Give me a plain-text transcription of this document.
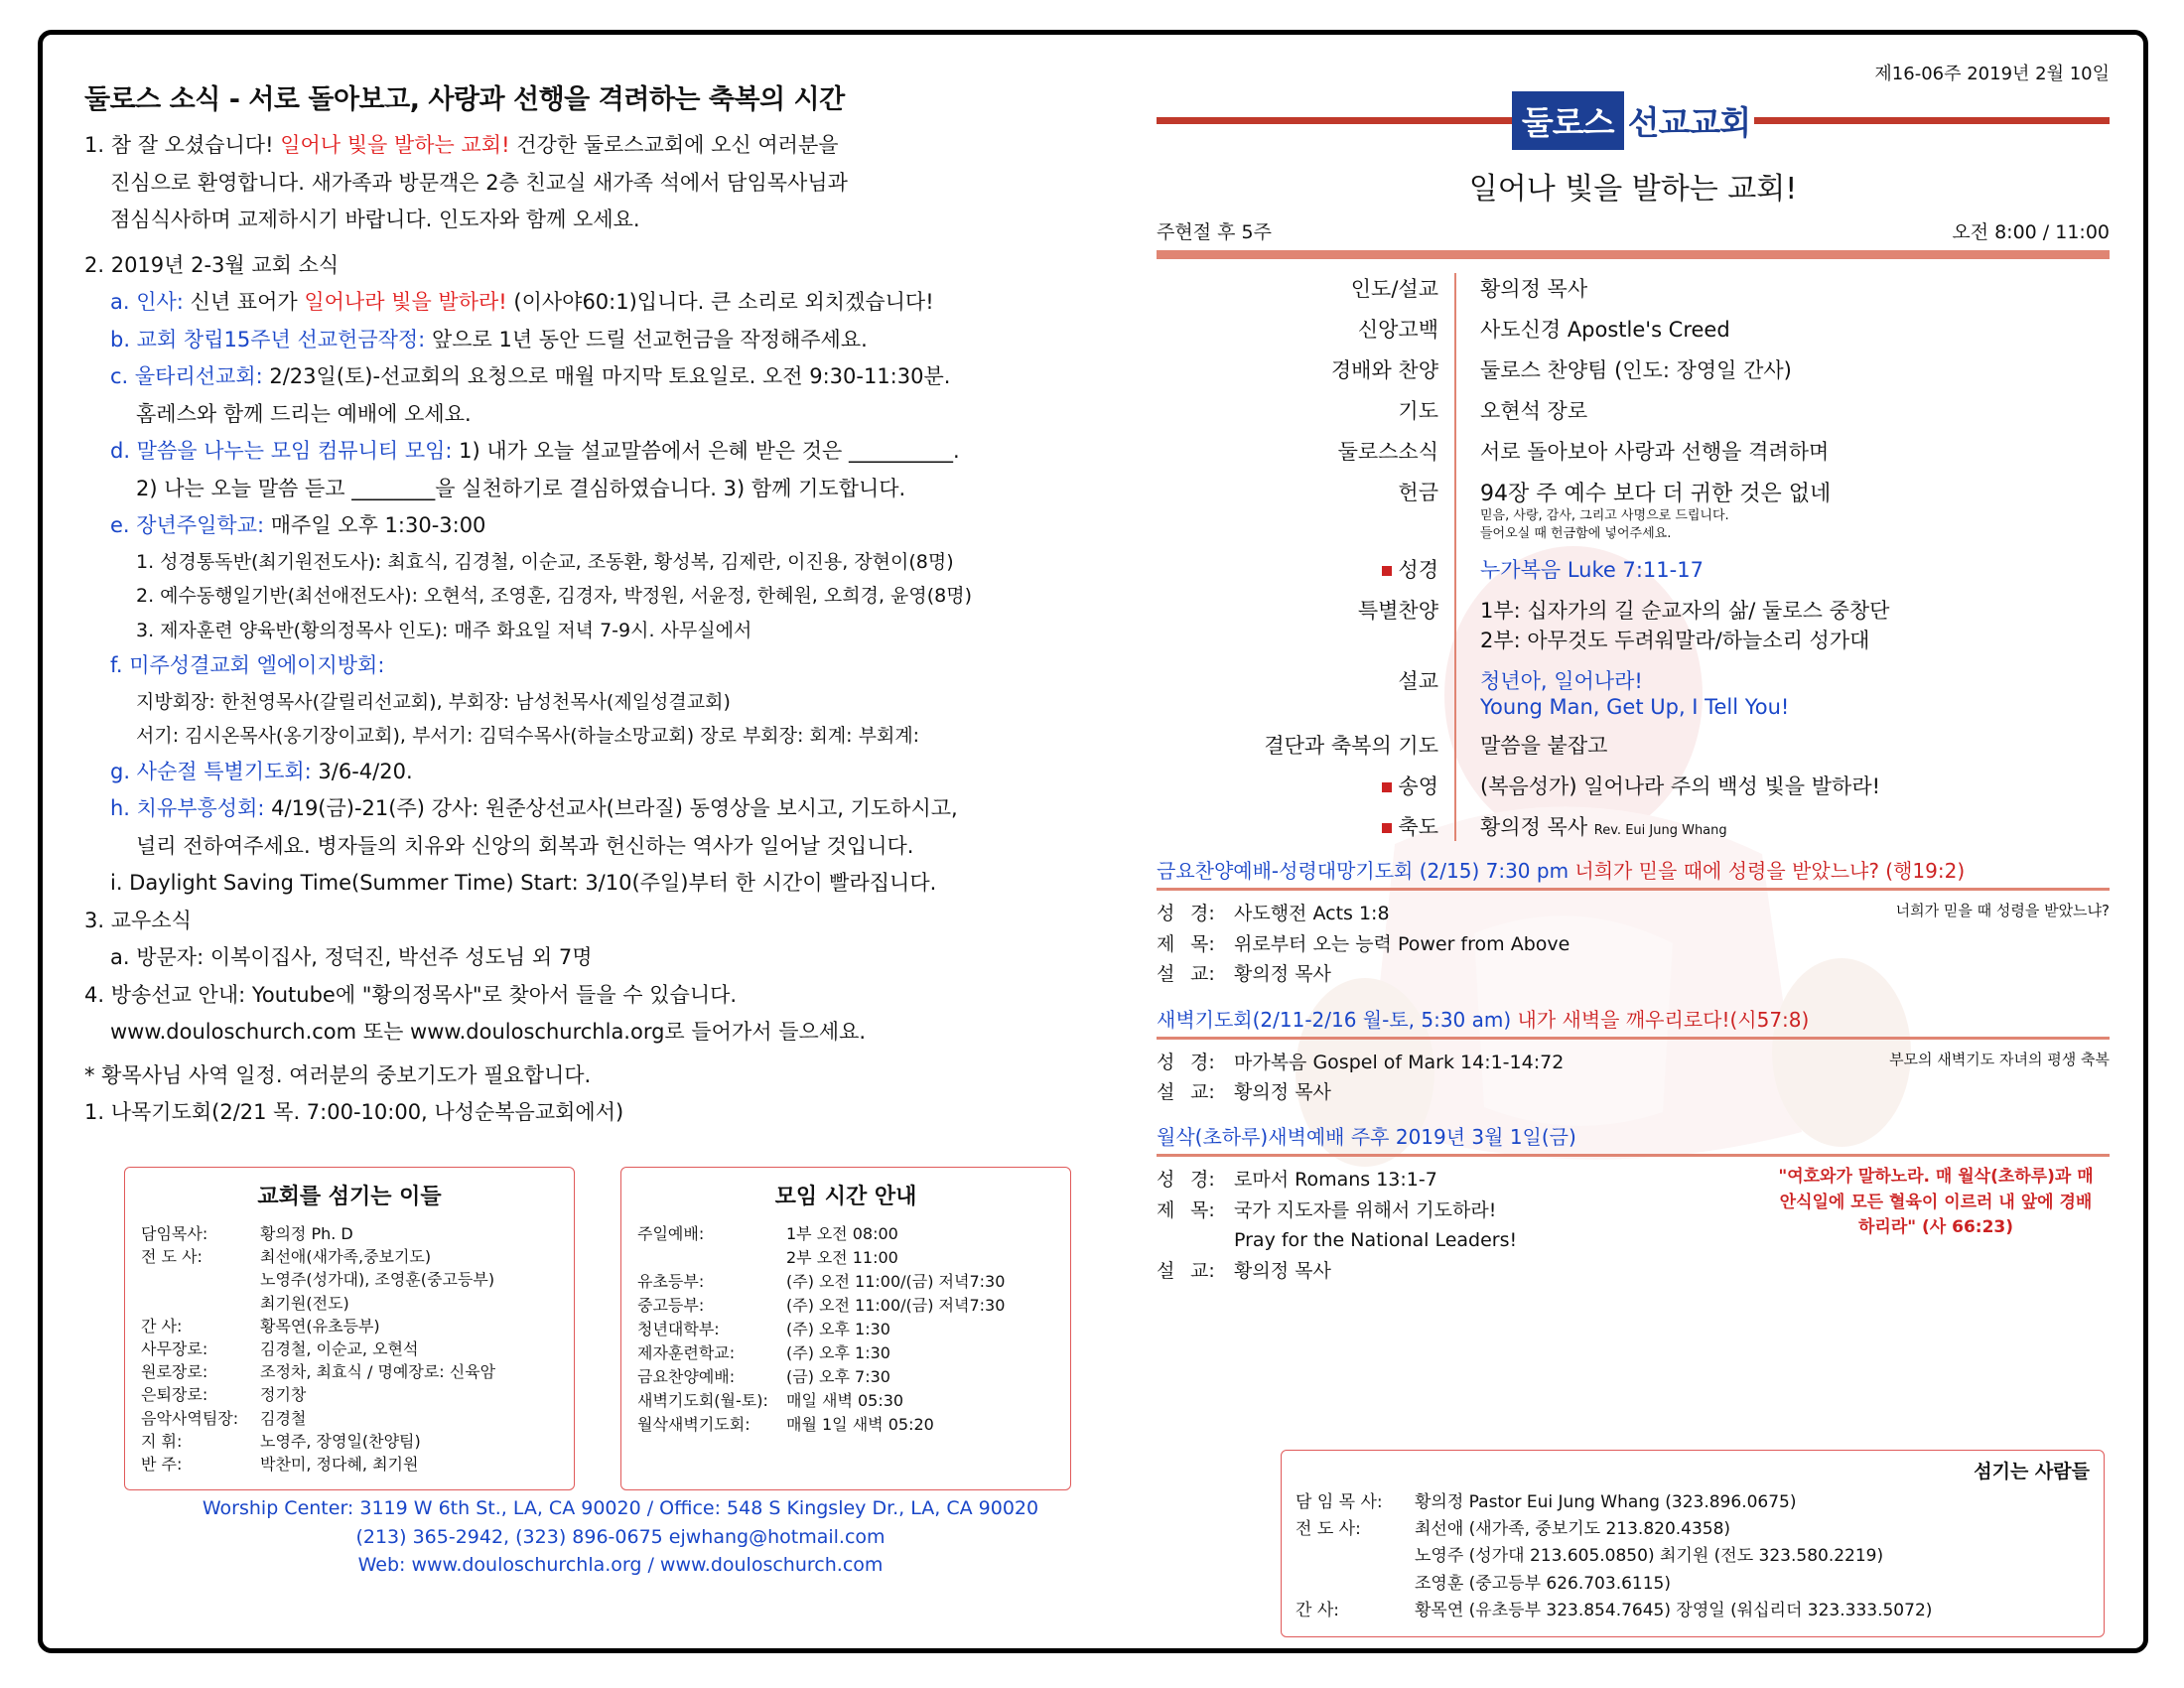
둘로스 소식 - 서로 돌아보고, 사랑과 선행을 격려하는 축복의 시간
1. 참 잘 오셨습니다! 일어나 빛을 발하는 교회! 건강한 둘로스교회에 오신 여러분을
진심으로 환영합니다. 새가족과 방문객은 2층 친교실 새가족 석에서 담임목사님과
점심식사하며 교제하시기 바랍니다. 인도자와 함께 오세요.
2. 2019년 2-3월 교회 소식
a. 인사: 신년 표어가 일어나라 빛을 발하라! (이사야60:1)입니다. 큰 소리로 외치겠습니다!
b. 교회 창립15주년 선교헌금작정: 앞으로 1년 동안 드릴 선교헌금을 작정해주세요.
c. 울타리선교회: 2/23일(토)-선교회의 요청으로 매월 마지막 토요일로. 오전 9:30-11:30분.
홈레스와 함께 드리는 예배에 오세요.
d. 말씀을 나누는 모임 컴뮤니티 모임: 1) 내가 오늘 설교말씀에서 은혜 받은 것은 __________.
2) 나는 오늘 말씀 듣고 ________을 실천하기로 결심하였습니다. 3) 함께 기도합니다.
e. 장년주일학교: 매주일 오후 1:30-3:00
1. 성경통독반(최기원전도사): 최효식, 김경철, 이순교, 조동환, 황성복, 김제란, 이진용, 장현이(8명)
2. 예수동행일기반(최선애전도사): 오현석, 조영훈, 김경자, 박정원, 서윤정, 한혜원, 오희경, 윤영(8명)
3. 제자훈련 양육반(황의정목사 인도): 매주 화요일 저녁 7-9시. 사무실에서
f. 미주성결교회 엘에이지방회:
지방회장: 한천영목사(갈릴리선교회), 부회장: 남성천목사(제일성결교회)
서기: 김시온목사(옹기장이교회), 부서기: 김덕수목사(하늘소망교회) 장로 부회장: 회계: 부회계:
g. 사순절 특별기도회: 3/6-4/20.
h. 치유부흥성회: 4/19(금)-21(주) 강사: 원준상선교사(브라질) 동영상을 보시고, 기도하시고,
널리 전하여주세요. 병자들의 치유와 신앙의 회복과 헌신하는 역사가 일어날 것입니다.
i. Daylight Saving Time(Summer Time) Start: 3/10(주일)부터 한 시간이 빨라집니다.
3. 교우소식
a. 방문자: 이복이집사, 정덕진, 박선주 성도님 외 7명
4. 방송선교 안내: Youtube에 "황의정목사"로 찾아서 들을 수 있습니다.
www.douloschurch.com 또는 www.douloschurchla.org로 들어가서 들으세요.
* 황목사님 사역 일정. 여러분의 중보기도가 필요합니다.
1. 나목기도회(2/21 목. 7:00-10:00, 나성순복음교회에서)
교회를 섬기는 이들
담임목사:	황의정 Ph. D
전 도 사:	최선애(새가족,중보기도)
노영주(성가대), 조영훈(중고등부)
최기원(전도)
간 사:	황목연(유초등부)
사무장로:	김경철, 이순교, 오현석
원로장로:	조정차, 최효식 / 명예장로: 신육암
은퇴장로:	정기창
음악사역팀장:	김경철
지 휘:	노영주, 장영일(찬양팀)
반 주:	박찬미, 정다혜, 최기원
모임 시간 안내
주일예배:	1부 오전 08:00
2부 오전 11:00
유초등부:	(주) 오전 11:00/(금) 저녁7:30
중고등부:	(주) 오전 11:00/(금) 저녁7:30
청년대학부:	(주) 오후 1:30
제자훈련학교:	(주) 오후 1:30
금요찬양예배:	(금) 오후 7:30
새벽기도회(월-토):	매일 새벽 05:30
월삭새벽기도회:	매월 1일 새벽 05:20
Worship Center: 3119 W 6th St., LA, CA 90020 / Office: 548 S Kingsley Dr., LA, CA 90020
(213) 365-2942, (323) 896-0675 ejwhang@hotmail.com
Web: www.douloschurchla.org / www.douloschurch.com
제16-06주 2019년 2월 10일
둘로스 선교교회
일어나 빛을 발하는 교회!
주현절 후 5주	오전 8:00 / 11:00
인도/설교	황의정 목사
신앙고백	사도신경 Apostle's Creed
경배와 찬양	둘로스 찬양팀 (인도: 장영일 간사)
기도	오현석 장로
둘로스소식	서로 돌아보아 사랑과 선행을 격려하며
헌금	94장 주 예수 보다 더 귀한 것은 없네
믿음, 사랑, 감사, 그리고 사명으로 드립니다.
들어오실 때 헌금함에 넣어주세요.
성경	누가복음 Luke 7:11-17
특별찬양	1부: 십자가의 길 순교자의 삶/ 둘로스 중창단
2부: 아무것도 두려워말라/하늘소리 성가대
설교	청년아, 일어나라!
Young Man, Get Up, I Tell You!
결단과 축복의 기도	말씀을 붙잡고
송영	(복음성가) 일어나라 주의 백성 빛을 발하라!
축도	황의정 목사 Rev. Eui Jung Whang
금요찬양예배-성령대망기도회 (2/15) 7:30 pm 너희가 믿을 때에 성령을 받았느냐? (행19:2)
성 경:	사도행전 Acts 1:8	너희가 믿을 때 성령을 받았느냐?
제 목:	위로부터 오는 능력 Power from Above
설 교:	황의정 목사
새벽기도회(2/11-2/16 월-토, 5:30 am) 내가 새벽을 깨우리로다!(시57:8)
성 경:	마가복음 Gospel of Mark 14:1-14:72	부모의 새벽기도 자녀의 평생 축복
설 교:	황의정 목사
월삭(초하루)새벽예배 주후 2019년 3월 1일(금)
성 경:	로마서 Romans 13:1-7
제 목:	국가 지도자를 위해서 기도하라!
Pray for the National Leaders!
설 교:	황의정 목사
"여호와가 말하노라. 매 월삭(초하루)과 매 안식일에 모든 혈육이 이르러 내 앞에 경배하리라" (사 66:23)
섬기는 사람들
담 임 목 사:	황의정 Pastor Eui Jung Whang (323.896.0675)
전 도 사:	최선애 (새가족, 중보기도 213.820.4358)
노영주 (성가대 213.605.0850) 최기원 (전도 323.580.2219)
조영훈 (중고등부 626.703.6115)
간 사:	황목연 (유초등부 323.854.7645) 장영일 (워십리더 323.333.5072)
